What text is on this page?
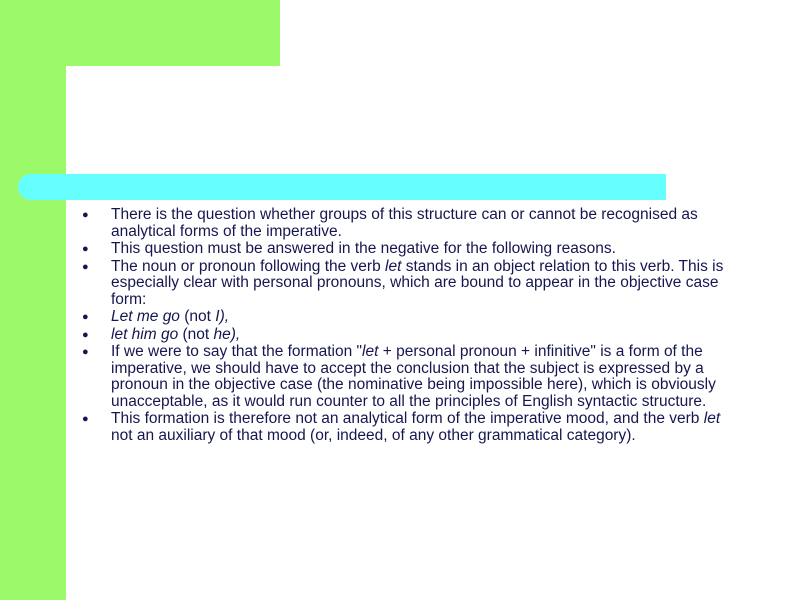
● There is the question whether groups of this structure can or cannot be recognised as analytical forms of the imperative.
● This question must be answered in the negative for the following reasons.
● The noun or pronoun following the verb let stands in an object relation to this verb. This is especially clear with personal pronouns, which are bound to appear in the objective case form:
● Let me go (not I),
● let him go (not he),
● If we were to say that the formation "let + personal pronoun + infinitive" is a form of the imperative, we should have to accept the conclusion that the subject is expressed by a pronoun in the objective case (the nominative being impossible here), which is obviously unacceptable, as it would run counter to all the principles of English syntactic structure.
● This formation is therefore not an analytical form of the imperative mood, and the verb let not an auxiliary of that mood (or, indeed, of any other grammatical category).
